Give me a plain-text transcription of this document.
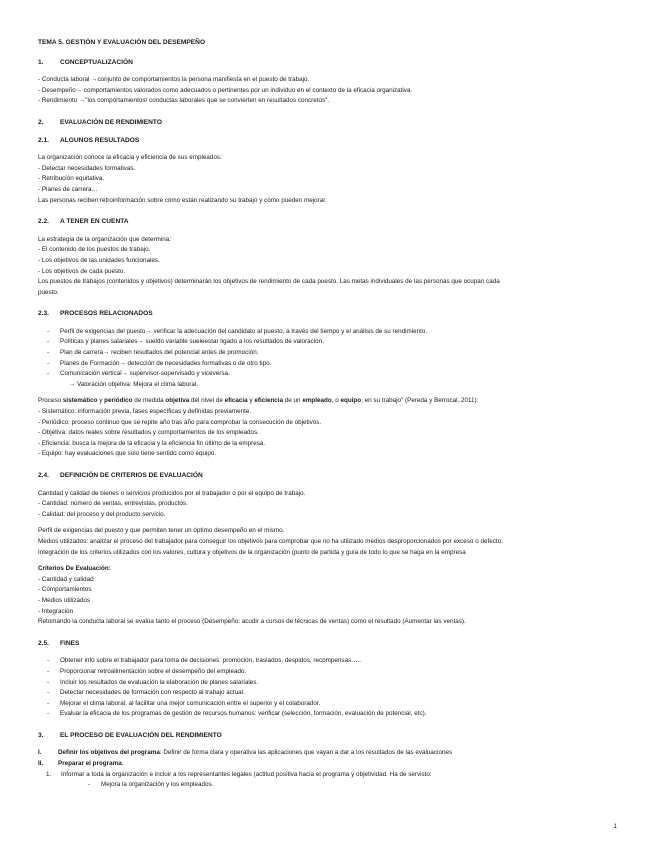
TEMA 5. GESTIÓN Y EVALUACIÓN DEL DESEMPEÑO
1.	CONCEPTUALIZACIÓN
- Conducta laboral →conjunto de comportamientos la persona manifiesta en el puesto de trabajo.
- Desempeño→ comportamientos valorados como adecuados o pertinentes por un individuo en el contexto de la eficacia organizativa.
- Rendimiento →"los comportamientos/ conductas laborales que se convierten en resultados concretos".
2.	EVALUACIÓN DE RENDIMIENTO
2.1. ALGUNOS RESULTADOS
La organización conoce la eficacia y eficiencia de sus empleados:
- Detectar necesidades formativas.
- Retribución equitativa.
- Planes de carrera…
Las personas reciben retroinformación sobre cómo están realizando su trabajo y cómo pueden mejorar.
2.2. A TENER EN CUENTA
La estrategia de la organización que determina:
- El contenido de los puestos de trabajo.
- Los objetivos de las unidades funcionales.
- Los objetivos de cada puesto.
Los puestos de trabajos (contenidos y objetivos) determinarán los objetivos de rendimiento de cada puesto. Las metas individuales de las personas que ocupan cada
puesto.
2.3. PROCESOS RELACIONADOS
- Perfil de exigencias del puesto→ verificar la adecuación del candidato al puesto, a través del tiempo y el análisis de su rendimiento.
- Políticas y planes salariales→ sueldo variable sueleestar ligado a los resultados de valoración.
- Plan de carrera→ reciben resultados del potencial antes de promoción.
- Planes de Formación→ detección de necesidades formativas o de otro tipo.
- Comunicación vertical→ supervisor-supervisado y viceversa.
→ Valoración objetiva: Mejora el clima laboral.
Proceso sistemático y periódico de medida objetiva del nivel de eficacia y eficiencia de un empleado, o equipo, en su trabajo" (Pereda y Berrocal, 2011):
- Sistemático: información previa, fases específicas y definidas previamente.
- Periódico: proceso continuo que se repite año tras año para comprobar la consecución de objetivos.
- Objetiva: datos reales sobre resultados y comportamientos de los empleados.
- Eficiencia: busca la mejora de la eficacia y la eficiencia fin último de la empresa.
- Equipo: hay evaluaciones que solo tiene sentido como equipo.
2.4. DEFINICIÓN DE CRITERIOS DE EVALUACIÓN
Cantidad y calidad de bienes o servicios producidos por el trabajador o por el equipo de trabajo.
- Cantidad: número de ventas, entrevistas, productos.
- Calidad: del proceso y del producto servicio.
Perfil de exigencias del puesto y que permiten tener un óptimo desempeño en el mismo.
Medios utilizados: analizar el proceso del trabajador para conseguir los objetivos para comprobar que no ha utilizado medios desproporcionados por exceso o defecto.
Integración de los criterios utilizados con los valores, cultura y objetivos de la organización (punto de partida y guía de todo lo que se haga en la empresa
Criterios De Evaluación:
- Cantidad y calidad
- Comportamientos
- Medios utilizados
- Integración
Retomando la conducta laboral se evalúa tanto el proceso (Desempeño: acudir a cursos de técnicas de ventas) como el resultado (Aumentar las ventas).
2.5. FINES
- Obtener info sobre el trabajador para toma de decisiones: promoción, traslados, despidos, recompensas…..
- Proporcionar retroalimentación sobre el desempeño del empleado.
- Incluir los resultados de evaluación la elaboración de planes salariales.
- Detectar necesidades de formación con respecto al trabajo actual.
- Mejorar el clima laboral, al facilitar una mejor comunicación entre el superior y el colaborador.
- Evaluar la eficacia de los programas de gestión de recursos humanos: verificar (selección, formación, evaluación de potencial, etc).
3.	EL PROCESO DE EVALUACIÓN DEL RENDIMIENTO
I.	Definir los objetivos del programa: Definir de forma clara y operativa las aplicaciones que vayan a dar a los resultados de las evaluaciones
II. Preparar el programa.
1. Informar a toda la organización e incluir a los representantes legales (actitud positiva hacia el programa y objetividad. Ha de servisto:
- Mejora la organización y los empleados.
1
